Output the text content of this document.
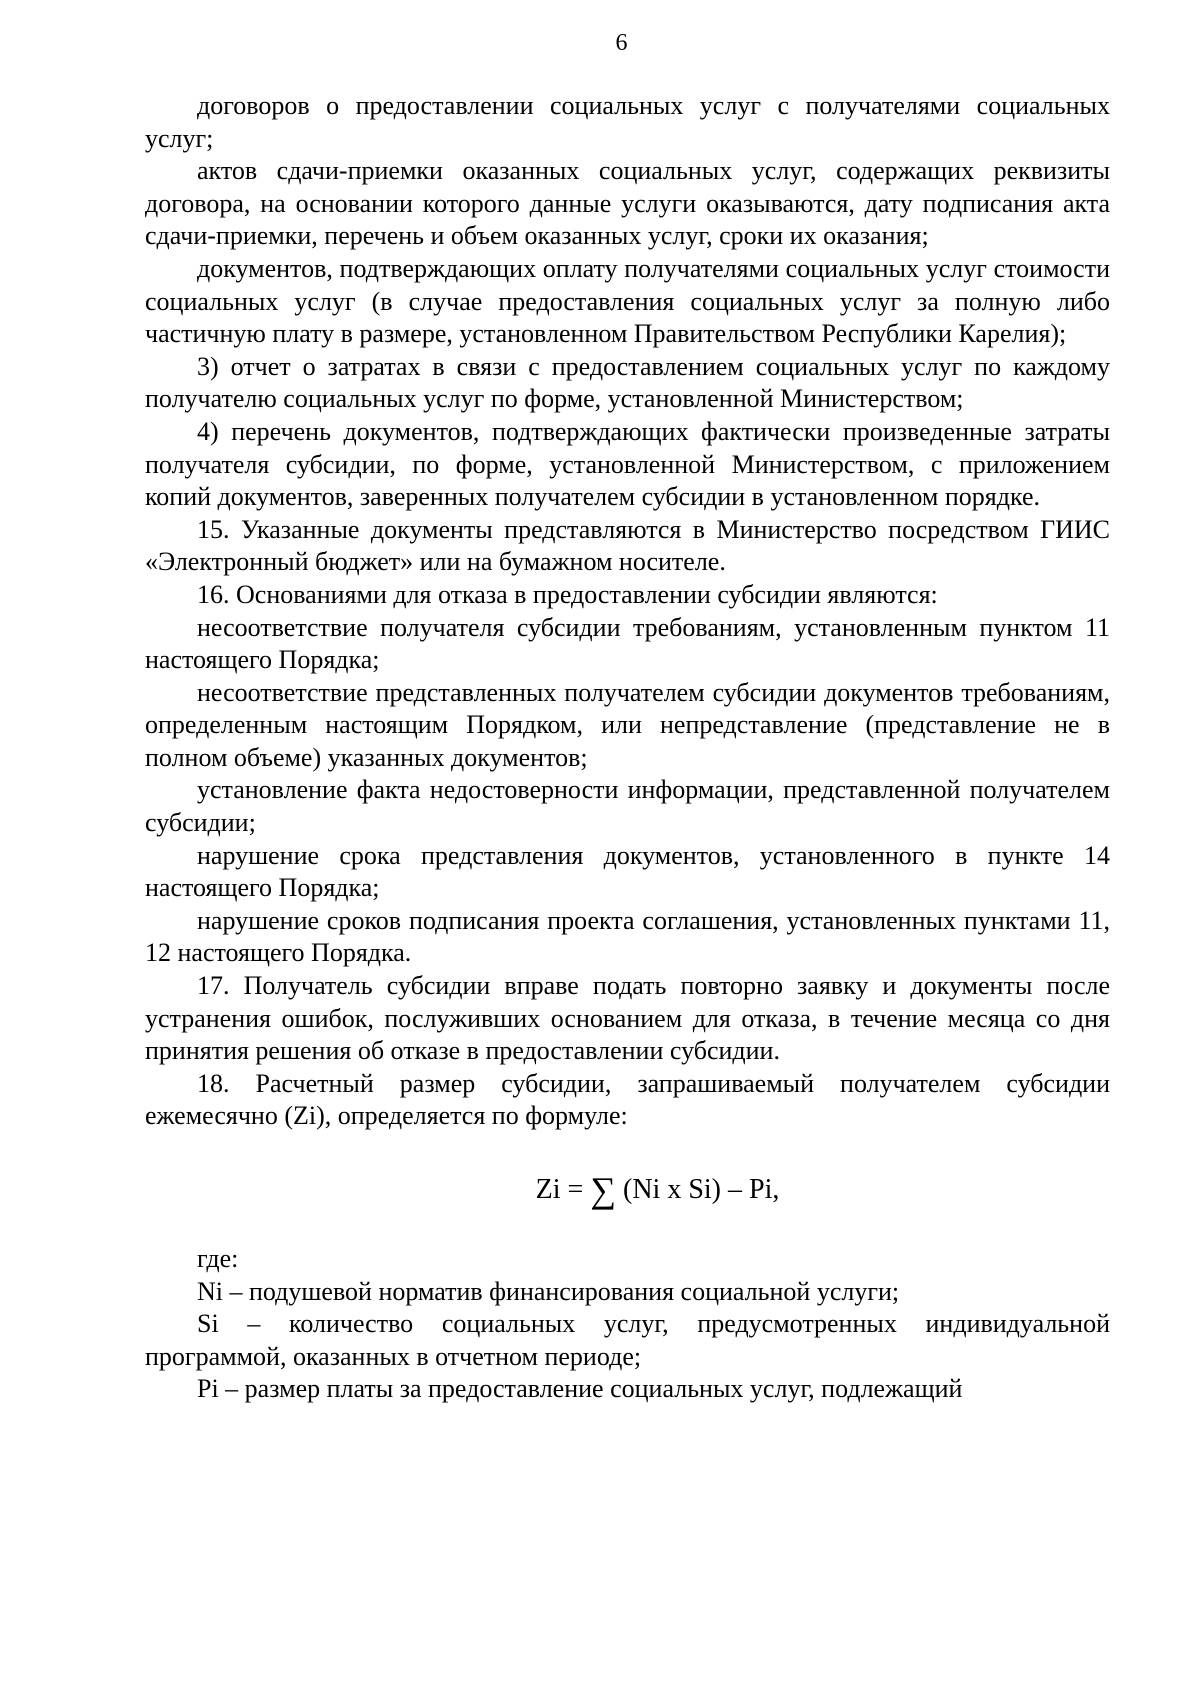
6

договоров о предоставлении социальных услуг с получателями социальных услуг;

актов сдачи-приемки оказанных социальных услуг, содержащих реквизиты договора, на основании которого данные услуги оказываются, дату подписания акта сдачи-приемки, перечень и объем оказанных услуг, сроки их оказания;

документов, подтверждающих оплату получателями социальных услуг стоимости социальных услуг (в случае предоставления социальных услуг за полную либо частичную плату в размере, установленном Правительством Республики Карелия);

3) отчет о затратах в связи с предоставлением социальных услуг по каждому получателю социальных услуг по форме, установленной Министерством;

4) перечень документов, подтверждающих фактически произведенные затраты получателя субсидии, по форме, установленной Министерством, с приложением копий документов, заверенных получателем субсидии в установленном порядке.

15. Указанные документы представляются в Министерство посредством ГИИС «Электронный бюджет» или на бумажном носителе.

16. Основаниями для отказа в предоставлении субсидии являются:

несоответствие получателя субсидии требованиям, установленным пунктом 11 настоящего Порядка;

несоответствие представленных получателем субсидии документов требованиям, определенным настоящим Порядком, или непредставление (представление не в полном объеме) указанных документов;

установление факта недостоверности информации, представленной получателем субсидии;

нарушение срока представления документов, установленного в пункте 14 настоящего Порядка;

нарушение сроков подписания проекта соглашения, установленных пунктами 11, 12 настоящего Порядка.

17. Получатель субсидии вправе подать повторно заявку и документы после устранения ошибок, послуживших основанием для отказа, в течение месяца со дня принятия решения об отказе в предоставлении субсидии.

18. Расчетный размер субсидии, запрашиваемый получателем субсидии ежемесячно (Zi), определяется по формуле:

Zi = ∑ (Ni x Si) – Pi,

где:

Ni – подушевой норматив финансирования социальной услуги;

Si – количество социальных услуг, предусмотренных индивидуальной программой, оказанных в отчетном периоде;

Pi – размер платы за предоставление социальных услуг, подлежащий
